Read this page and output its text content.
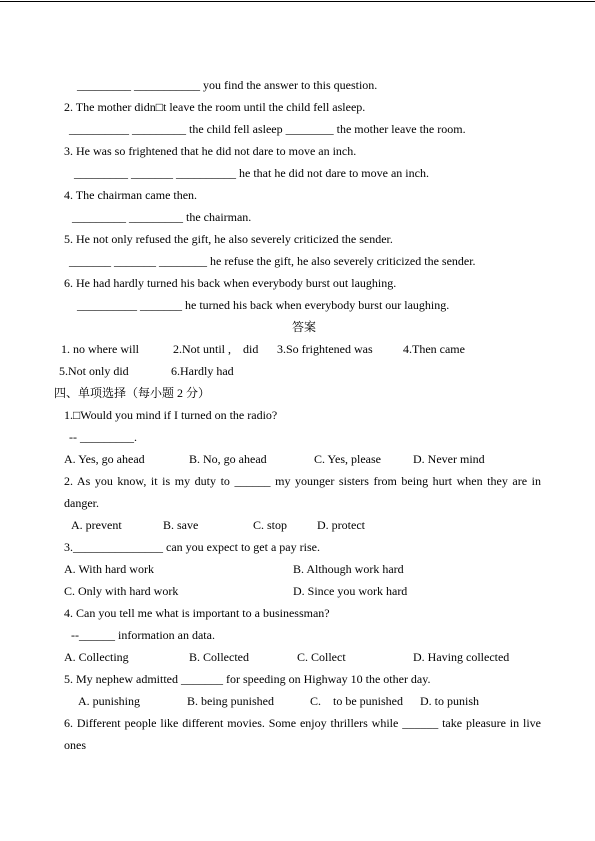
_________ ___________ you find the answer to this question.
2. The mother didn□t leave the room until the child fell asleep.
__________ _________ the child fell asleep ________ the mother leave the room.
3. He was so frightened that he did not dare to move an inch.
_________ _______ __________ he that he did not dare to move an inch.
4. The chairman came then.
_________ _________ the chairman.
5. He not only refused the gift, he also severely criticized the sender.
_______ _______ ________ he refuse the gift, he also severely criticized the sender.
6. He had hardly turned his back when everybody burst out laughing.
__________ _______ he turned his back when everybody burst our laughing.
答案
1. no where will	2.Not until ,    did 3.So frightened was	4.Then came
5.Not only did	6.Hardly had
四、单项选择（每小题 2 分）
1.□Would you mind if I turned on the radio?
-- _________.
A. Yes, go ahead	B. No, go ahead	C. Yes, please	D. Never mind
2. As you know, it is my duty to ______ my younger sisters from being hurt when they are in
danger.
A. prevent	B. save	C. stop D. protect
3._______________ can you expect to get a pay rise.
A. With hard work	B. Although work hard
C. Only with hard work	D. Since you work hard
4. Can you tell me what is important to a businessman?
--______ information an data.
A. Collecting	B. Collected	C. Collect	D. Having collected
5. My nephew admitted _______ for speeding on Highway 10 the other day.
A. punishing	B. being punished	C.    to be punished D. to punish
6. Different people like different movies. Some enjoy thrillers while ______ take pleasure in live
ones
